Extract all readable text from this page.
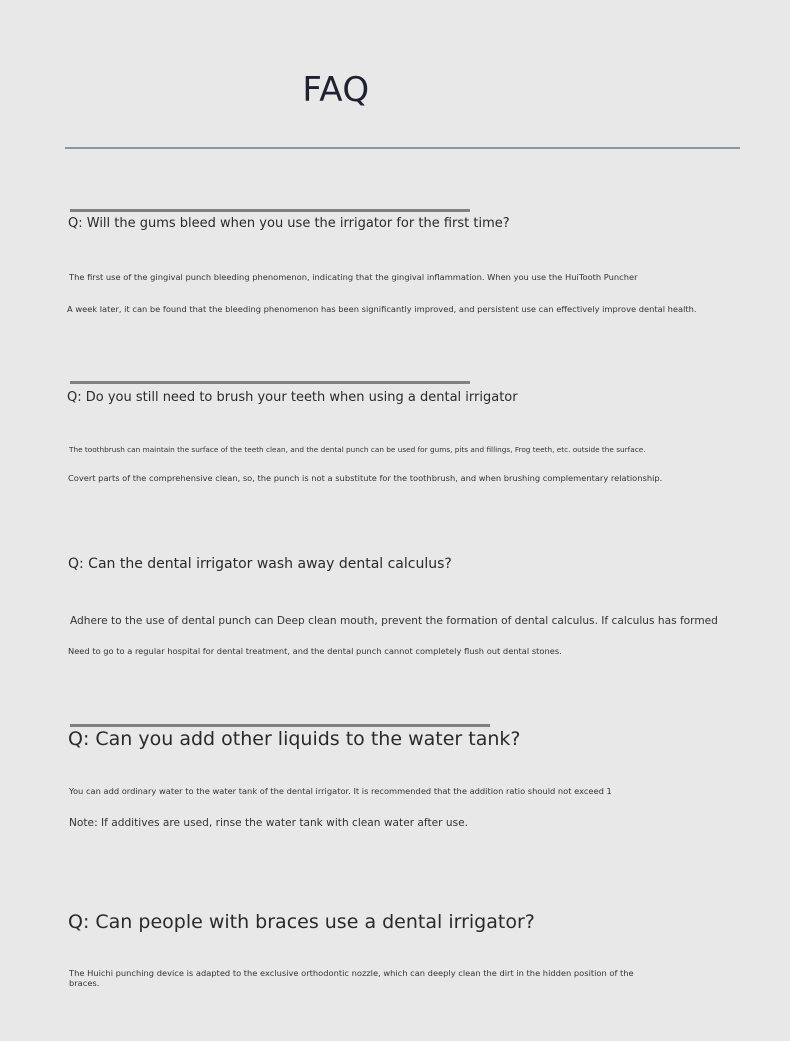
FAQ
Q: Will the gums bleed when you use the irrigator for the first time?
The first use of the gingival punch bleeding phenomenon, indicating that the gingival inflammation. When you use the HuiTooth Puncher
A week later, it can be found that the bleeding phenomenon has been significantly improved, and persistent use can effectively improve dental health.
Q: Do you still need to brush your teeth when using a dental irrigator
The toothbrush can maintain the surface of the teeth clean, and the dental punch can be used for gums, pits and fillings, Frog teeth, etc. outside the surface.
Covert parts of the comprehensive clean, so, the punch is not a substitute for the toothbrush, and when brushing complementary relationship.
Q: Can the dental irrigator wash away dental calculus?
Adhere to the use of dental punch can Deep clean mouth, prevent the formation of dental calculus. If calculus has formed
Need to go to a regular hospital for dental treatment, and the dental punch cannot completely flush out dental stones.
Q: Can you add other liquids to the water tank?
You can add ordinary water to the water tank of the dental irrigator. It is recommended that the addition ratio should not exceed 1
Note: If additives are used, rinse the water tank with clean water after use.
Q: Can people with braces use a dental irrigator?
The Huichi punching device is adapted to the exclusive orthodontic nozzle, which can deeply clean the dirt in the hidden position of the braces.
